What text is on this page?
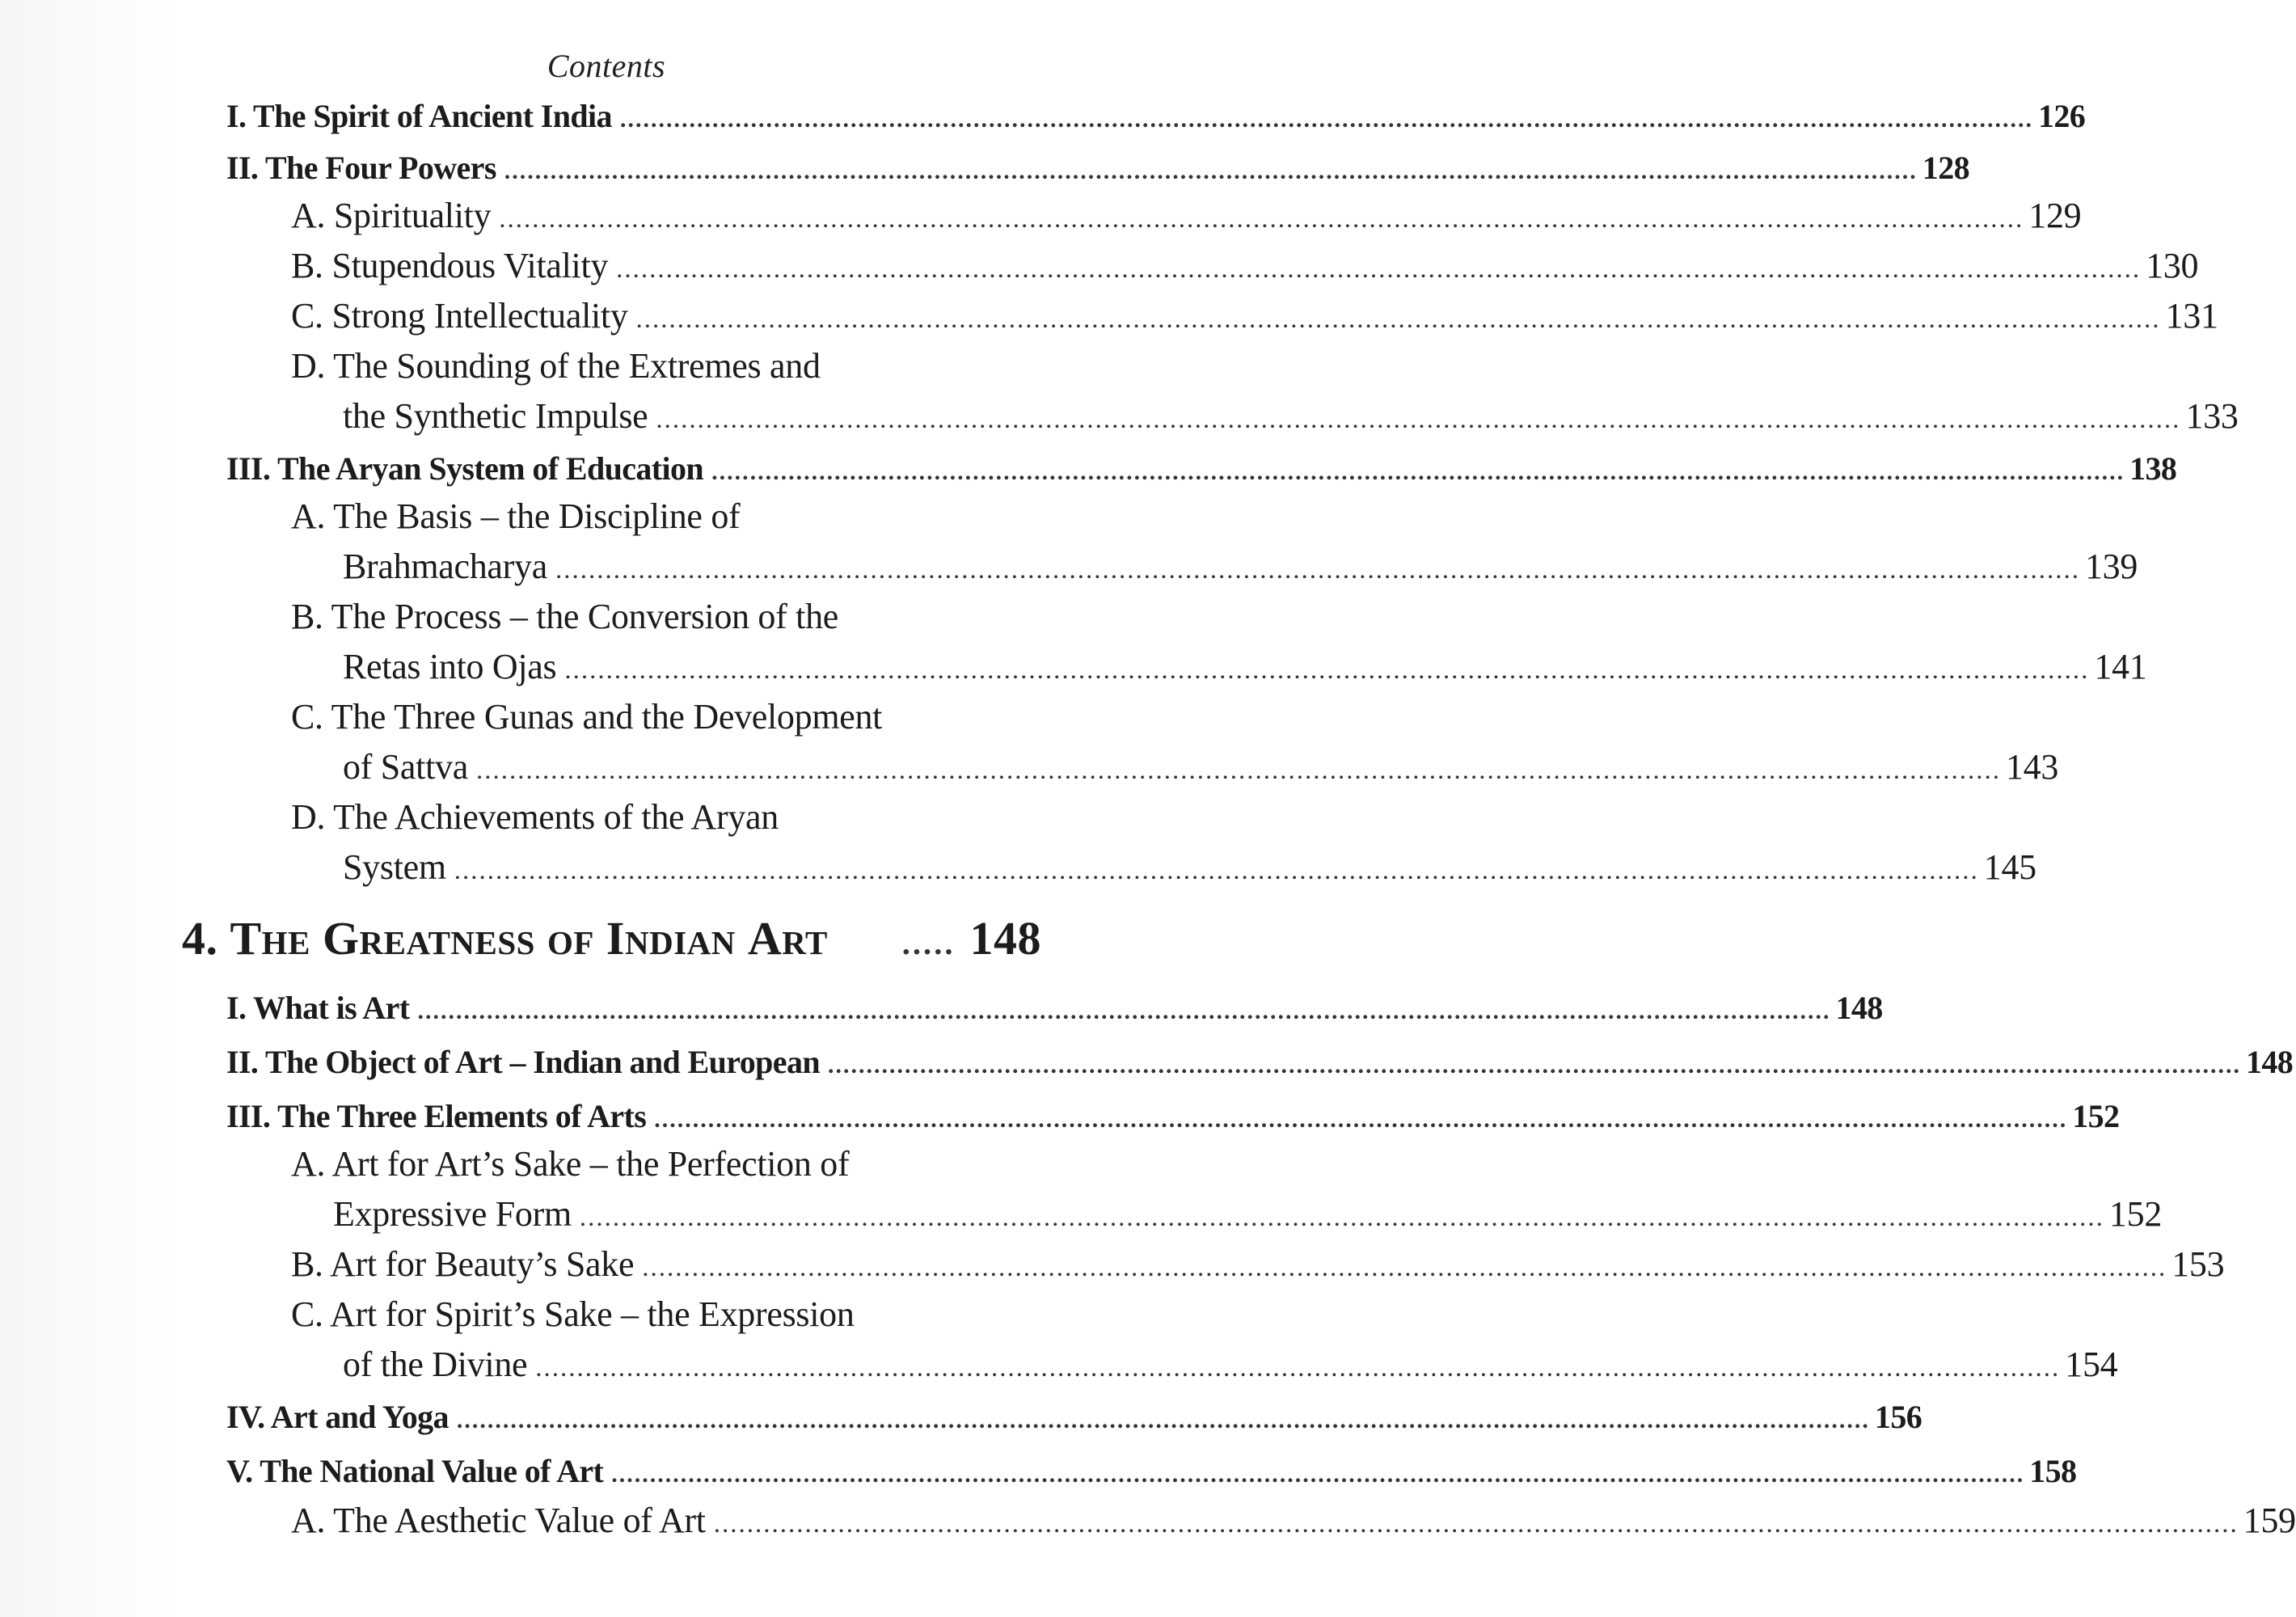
Contents
I. The Spirit of Ancient India ........................................................................................................................................................................................ 126
II. The Four Powers ........................................................................................................................................................................................ 128
A. Spirituality ........................................................................................................................................................................................ 129
B. Stupendous Vitality ........................................................................................................................................................................................ 130
C. Strong Intellectuality ........................................................................................................................................................................................ 131
D. The Sounding of the Extremes and
the Synthetic Impulse ........................................................................................................................................................................................ 133
III. The Aryan System of Education ........................................................................................................................................................................................ 138
A. The Basis – the Discipline of
Brahmacharya ........................................................................................................................................................................................ 139
B. The Process – the Conversion of the
Retas into Ojas ........................................................................................................................................................................................ 141
C. The Three Gunas and the Development
of Sattva ........................................................................................................................................................................................ 143
D. The Achievements of the Aryan
System ........................................................................................................................................................................................ 145
4. The Greatness of Indian Art ..... 148
I. What is Art ........................................................................................................................................................................................ 148
II. The Object of Art – Indian and European ........................................................................................................................................................................................ 148
III. The Three Elements of Arts ........................................................................................................................................................................................ 152
A. Art for Art’s Sake – the Perfection of
Expressive Form ........................................................................................................................................................................................ 152
B. Art for Beauty’s Sake ........................................................................................................................................................................................ 153
C. Art for Spirit’s Sake – the Expression
of the Divine ........................................................................................................................................................................................ 154
IV. Art and Yoga ........................................................................................................................................................................................ 156
V. The National Value of Art ........................................................................................................................................................................................ 158
A. The Aesthetic Value of Art ........................................................................................................................................................................................ 159
